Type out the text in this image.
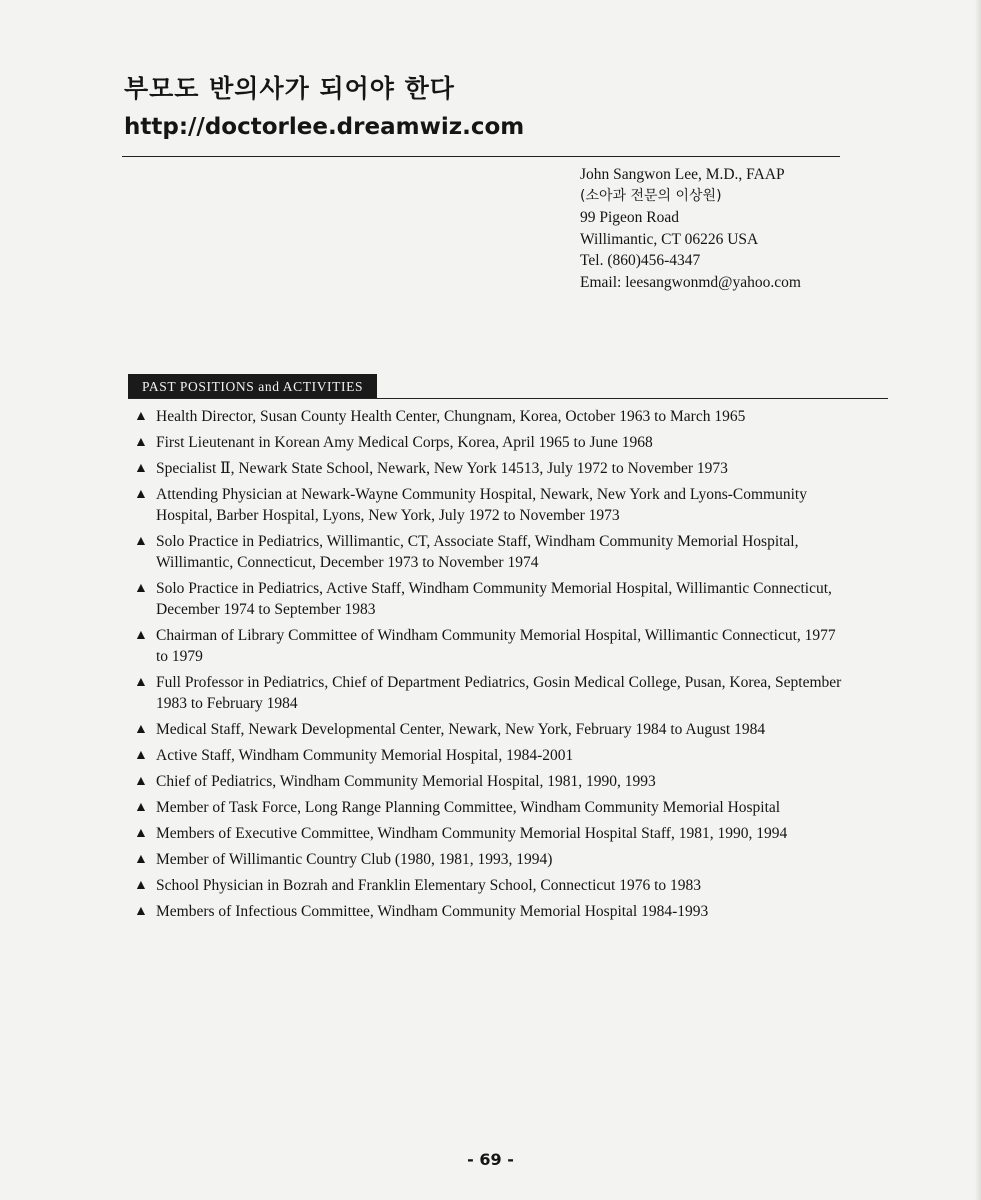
부모도 반의사가 되어야 한다
http://doctorlee.dreamwiz.com
John Sangwon Lee, M.D., FAAP
(소아과 전문의 이상원)
99 Pigeon Road
Willimantic, CT 06226 USA
Tel. (860)456-4347
Email: leesangwonmd@yahoo.com
PAST POSITIONS and ACTIVITIES
▲ Health Director, Susan County Health Center, Chungnam, Korea, October 1963 to March 1965
▲ First Lieutenant in Korean Amy Medical Corps, Korea, April 1965 to June 1968
▲ Specialist Ⅱ, Newark State School, Newark, New York 14513, July 1972 to November 1973
▲ Attending Physician at Newark-Wayne Community Hospital, Newark, New York and Lyons-Community Hospital, Barber Hospital, Lyons, New York, July 1972 to November 1973
▲ Solo Practice in Pediatrics, Willimantic, CT, Associate Staff, Windham Community Memorial Hospital, Willimantic, Connecticut, December 1973 to November 1974
▲ Solo Practice in Pediatrics, Active Staff, Windham Community Memorial Hospital, Willimantic Connecticut, December 1974 to September 1983
▲ Chairman of Library Committee of Windham Community Memorial Hospital, Willimantic Connecticut, 1977 to 1979
▲ Full Professor in Pediatrics, Chief of Department Pediatrics, Gosin Medical College, Pusan, Korea, September 1983 to February 1984
▲ Medical Staff, Newark Developmental Center, Newark, New York, February 1984 to August 1984
▲ Active Staff, Windham Community Memorial Hospital, 1984-2001
▲ Chief of Pediatrics, Windham Community Memorial Hospital, 1981, 1990, 1993
▲ Member of Task Force, Long Range Planning Committee, Windham Community Memorial Hospital
▲ Members of Executive Committee, Windham Community Memorial Hospital Staff, 1981, 1990, 1994
▲ Member of Willimantic Country Club (1980, 1981, 1993, 1994)
▲ School Physician in Bozrah and Franklin Elementary School, Connecticut 1976 to 1983
▲ Members of Infectious Committee, Windham Community Memorial Hospital 1984-1993
- 69 -
